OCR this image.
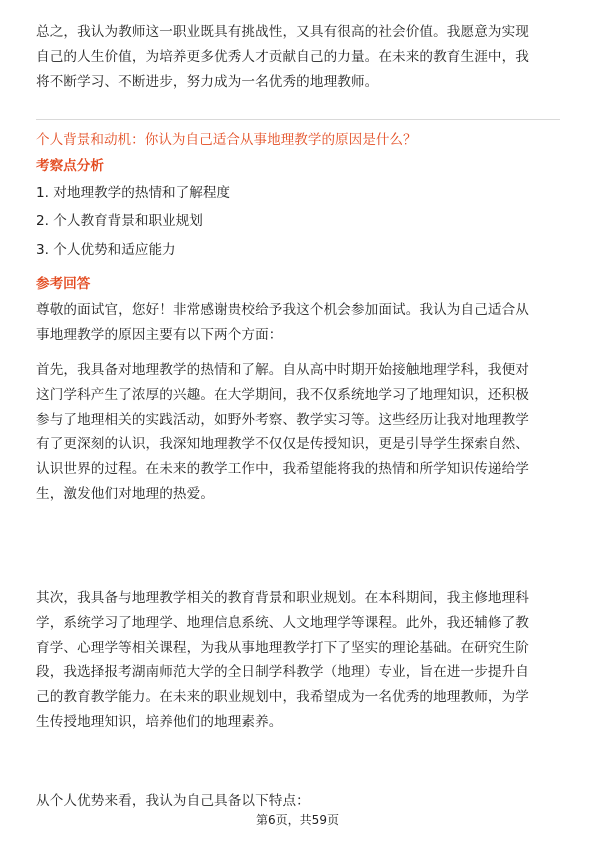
总之，我认为教师这一职业既具有挑战性，又具有很高的社会价值。我愿意为实现
自己的人生价值，为培养更多优秀人才贡献自己的力量。在未来的教育生涯中，我
将不断学习、不断进步，努力成为一名优秀的地理教师。
个人背景和动机：你认为自己适合从事地理教学的原因是什么？
考察点分析
1. 对地理教学的热情和了解程度
2. 个人教育背景和职业规划
3. 个人优势和适应能力
参考回答
尊敬的面试官，您好！非常感谢贵校给予我这个机会参加面试。我认为自己适合从
事地理教学的原因主要有以下两个方面：
首先，我具备对地理教学的热情和了解。自从高中时期开始接触地理学科，我便对
这门学科产生了浓厚的兴趣。在大学期间，我不仅系统地学习了地理知识，还积极
参与了地理相关的实践活动，如野外考察、教学实习等。这些经历让我对地理教学
有了更深刻的认识，我深知地理教学不仅仅是传授知识，更是引导学生探索自然、
认识世界的过程。在未来的教学工作中，我希望能将我的热情和所学知识传递给学
生，激发他们对地理的热爱。
其次，我具备与地理教学相关的教育背景和职业规划。在本科期间，我主修地理科
学，系统学习了地理学、地理信息系统、人文地理学等课程。此外，我还辅修了教
育学、心理学等相关课程，为我从事地理教学打下了坚实的理论基础。在研究生阶
段，我选择报考湖南师范大学的全日制学科教学（地理）专业，旨在进一步提升自
己的教育教学能力。在未来的职业规划中，我希望成为一名优秀的地理教师，为学
生传授地理知识，培养他们的地理素养。
从个人优势来看，我认为自己具备以下特点：
第6页，共59页
